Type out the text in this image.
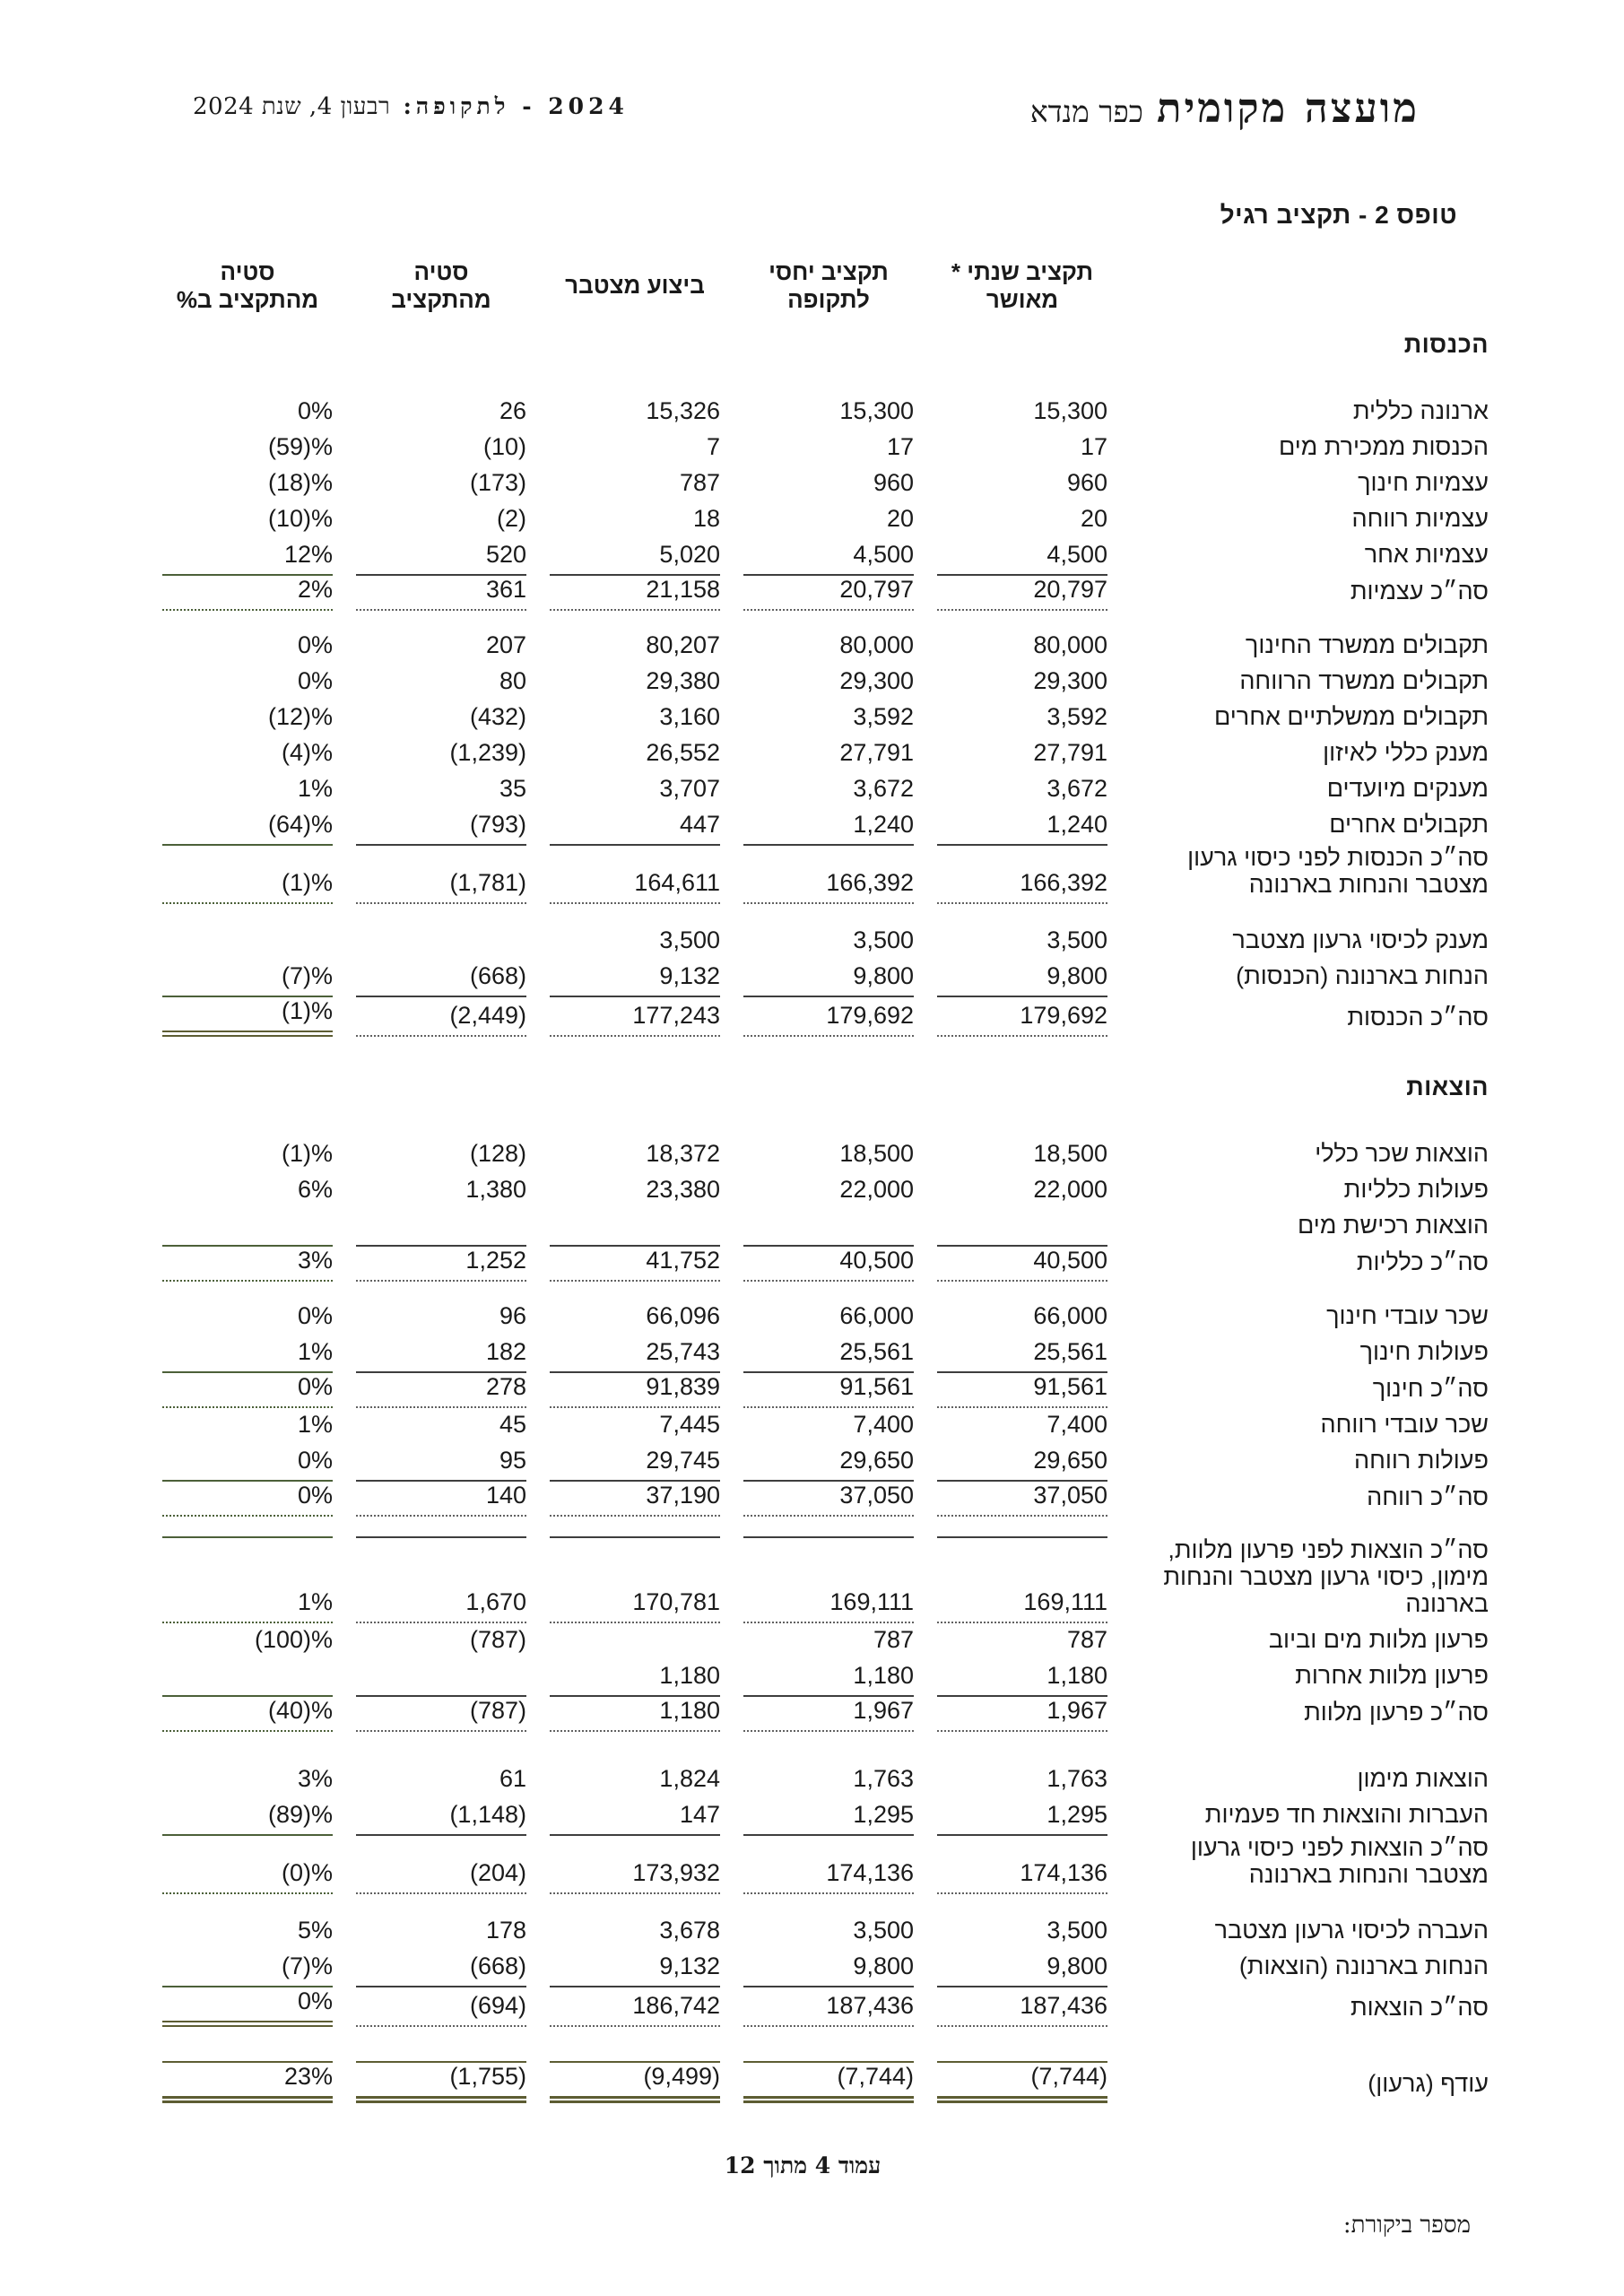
2024 - לתקופה: רבעון 4, שנת 2024	מועצה מקומית כפר מנדא
טופס 2 - תקציב רגיל

תקציב שנתי *
מאושר

תקציב יחסי
לתקופה

ביצוע מצטבר

סטיה
מהתקציב

סטיה
מהתקציב ב%

הכנסות					

ארנונה כללית	15,300	15,300	15,326	26	0%

הכנסות ממכירת מים	17	17	7	(10)	(59)%

עצמיות חינוך	960	960	787	(173)	(18)%

עצמיות רווחה	20	20	18	(2)	(10)%

עצמיות אחר	4,500	4,500	5,020	520	12%

סה״כ עצמיות	20,797	20,797	21,158	361	2%

תקבולים ממשרד החינוך	80,000	80,000	80,207	207	0%

תקבולים ממשרד הרווחה	29,300	29,300	29,380	80	0%

תקבולים ממשלתיים אחרים	3,592	3,592	3,160	(432)	(12)%

מענק כללי לאיזון	27,791	27,791	26,552	(1,239)	(4)%

מענקים מיועדים	3,672	3,672	3,707	35	1%

תקבולים אחרים	1,240	1,240	447	(793)	(64)%

סה״כ הכנסות לפני כיסוי גרעון
מצטבר והנחות בארנונה	166,392	166,392	164,611	(1,781)	(1)%

מענק לכיסוי גרעון מצטבר	3,500	3,500	3,500		

הנחות בארנונה (הכנסות)	9,800	9,800	9,132	(668)	(7)%

סה״כ הכנסות	179,692	179,692	177,243	(2,449)	(1)%

הוצאות					

הוצאות שכר כללי	18,500	18,500	18,372	(128)	(1)%

פעולות כלליות	22,000	22,000	23,380	1,380	6%

הוצאות רכישת מים					

סה״כ כלליות	40,500	40,500	41,752	1,252	3%

שכר עובדי חינוך	66,000	66,000	66,096	96	0%

פעולות חינוך	25,561	25,561	25,743	182	1%

סה״כ חינוך	91,561	91,561	91,839	278	0%

שכר עובדי רווחה	7,400	7,400	7,445	45	1%

פעולות רווחה	29,650	29,650	29,745	95	0%

סה״כ רווחה	37,050	37,050	37,190	140	0%

סה״כ הוצאות לפני פרעון מלוות,
מימון, כיסוי גרעון מצטבר והנחות
בארנונה	169,111	169,111	170,781	1,670	1%

פרעון מלוות מים וביוב	787	787		(787)	(100)%

פרעון מלוות אחרות	1,180	1,180	1,180		

סה״כ פרעון מלוות	1,967	1,967	1,180	(787)	(40)%

הוצאות מימון	1,763	1,763	1,824	61	3%

העברות והוצאות חד פעמיות	1,295	1,295	147	(1,148)	(89)%

סה״כ הוצאות לפני כיסוי גרעון
מצטבר והנחות בארנונה	174,136	174,136	173,932	(204)	(0)%

העברה לכיסוי גרעון מצטבר	3,500	3,500	3,678	178	5%

הנחות בארנונה (הוצאות)	9,800	9,800	9,132	(668)	(7)%

סה״כ הוצאות	187,436	187,436	186,742	(694)	0%

עודף (גרעון)	(7,744)	(7,744)	(9,499)	(1,755)	23%
עמוד 4 מתוך 12
מספר ביקורת:
